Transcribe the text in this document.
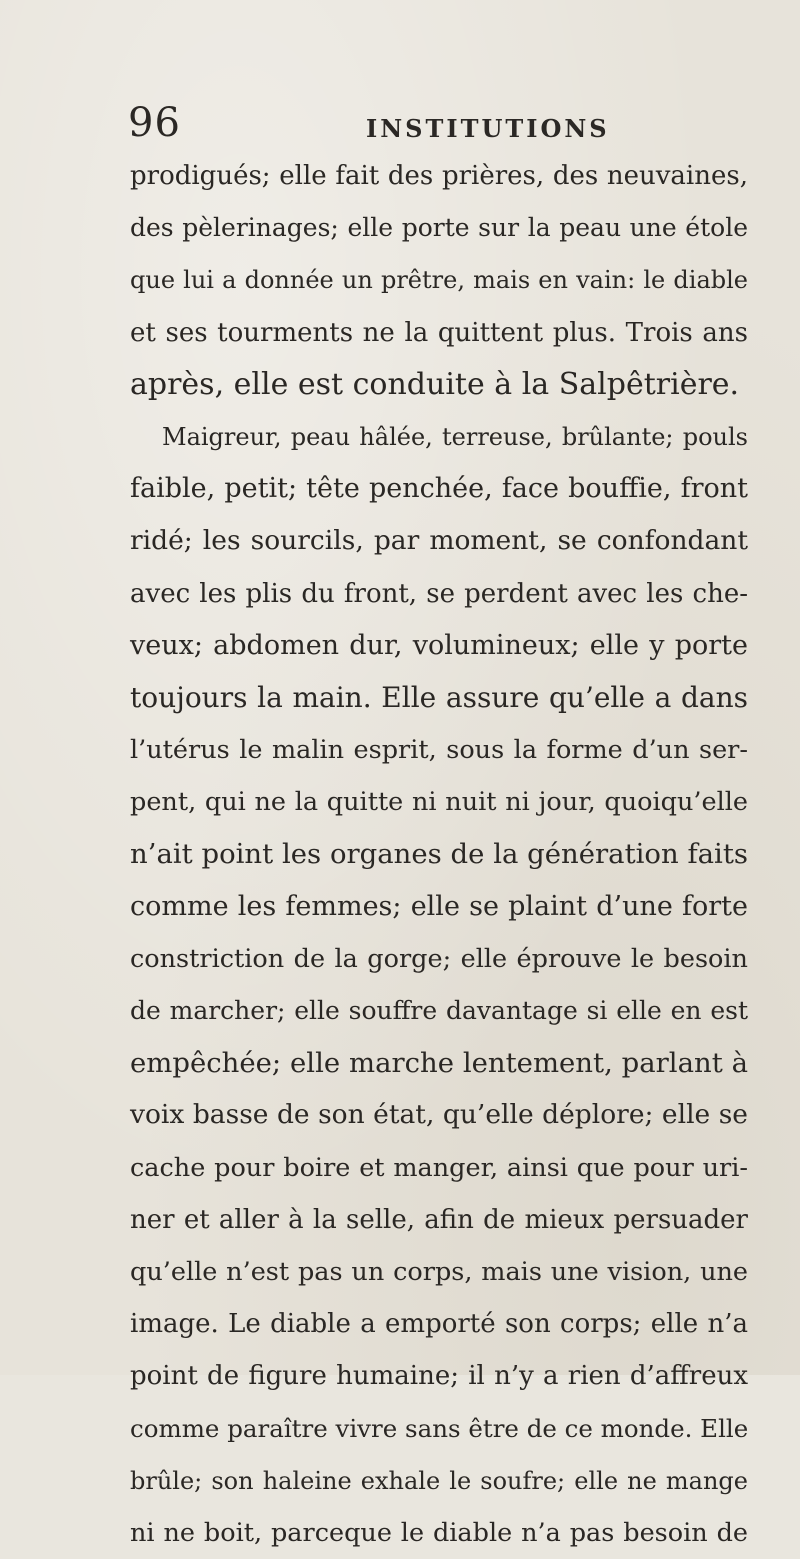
96	INSTITUTIONS
prodigués; elle fait des prières, des neuvaines,
des pèlerinages; elle porte sur la peau une étole
que lui a donnée un prêtre, mais en vain: le diable
et ses tourments ne la quittent plus. Trois ans
après, elle est conduite à la Salpêtrière.
Maigreur, peau hâlée, terreuse, brûlante; pouls
faible, petit; tête penchée, face bouffie, front
ridé; les sourcils, par moment, se confondant
avec les plis du front, se perdent avec les che-
veux; abdomen dur, volumineux; elle y porte
toujours la main. Elle assure qu’elle a dans
l’utérus le malin esprit, sous la forme d’un ser-
pent, qui ne la quitte ni nuit ni jour, quoiqu’elle
n’ait point les organes de la génération faits
comme les femmes; elle se plaint d’une forte
constriction de la gorge; elle éprouve le besoin
de marcher; elle souffre davantage si elle en est
empêchée; elle marche lentement, parlant à
voix basse de son état, qu’elle déplore; elle se
cache pour boire et manger, ainsi que pour uri-
ner et aller à la selle, afin de mieux persuader
qu’elle n’est pas un corps, mais une vision, une
image. Le diable a emporté son corps; elle n’a
point de figure humaine; il n’y a rien d’affreux
comme paraître vivre sans être de ce monde. Elle
brûle; son haleine exhale le soufre; elle ne mange
ni ne boit, parceque le diable n’a pas besoin de
